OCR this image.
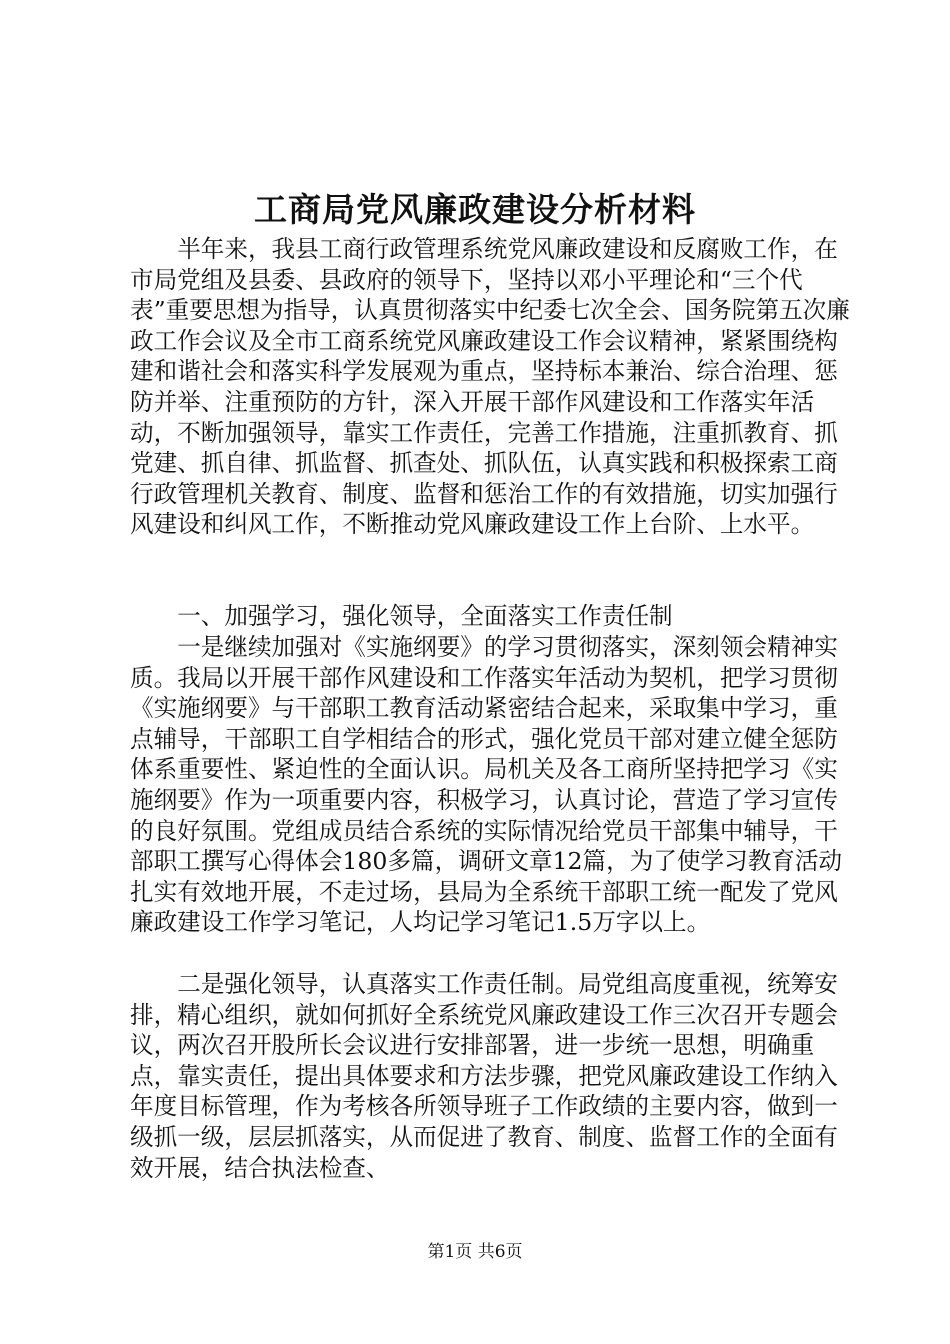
工商局党风廉政建设分析材料

半年来，我县工商行政管理系统党风廉政建设和反腐败工作，在市局党组及县委、县政府的领导下，坚持以邓小平理论和“三个代表”重要思想为指导，认真贯彻落实中纪委七次全会、国务院第五次廉政工作会议及全市工商系统党风廉政建设工作会议精神，紧紧围绕构建和谐社会和落实科学发展观为重点，坚持标本兼治、综合治理、惩防并举、注重预防的方针，深入开展干部作风建设和工作落实年活动，不断加强领导，靠实工作责任，完善工作措施，注重抓教育、抓党建、抓自律、抓监督、抓查处、抓队伍，认真实践和积极探索工商行政管理机关教育、制度、监督和惩治工作的有效措施，切实加强行风建设和纠风工作，不断推动党风廉政建设工作上台阶、上水平。

一、加强学习，强化领导，全面落实工作责任制

一是继续加强对《实施纲要》的学习贯彻落实，深刻领会精神实质。我局以开展干部作风建设和工作落实年活动为契机，把学习贯彻《实施纲要》与干部职工教育活动紧密结合起来，采取集中学习，重点辅导，干部职工自学相结合的形式，强化党员干部对建立健全惩防体系重要性、紧迫性的全面认识。局机关及各工商所坚持把学习《实施纲要》作为一项重要内容，积极学习，认真讨论，营造了学习宣传的良好氛围。党组成员结合系统的实际情况给党员干部集中辅导，干部职工撰写心得体会180多篇，调研文章12篇，为了使学习教育活动扎实有效地开展，不走过场，县局为全系统干部职工统一配发了党风廉政建设工作学习笔记，人均记学习笔记1.5万字以上。

二是强化领导，认真落实工作责任制。局党组高度重视，统筹安排，精心组织，就如何抓好全系统党风廉政建设工作三次召开专题会议，两次召开股所长会议进行安排部署，进一步统一思想，明确重点，靠实责任，提出具体要求和方法步骤，把党风廉政建设工作纳入年度目标管理，作为考核各所领导班子工作政绩的主要内容，做到一级抓一级，层层抓落实，从而促进了教育、制度、监督工作的全面有效开展，结合执法检查、

第1页 共6页
